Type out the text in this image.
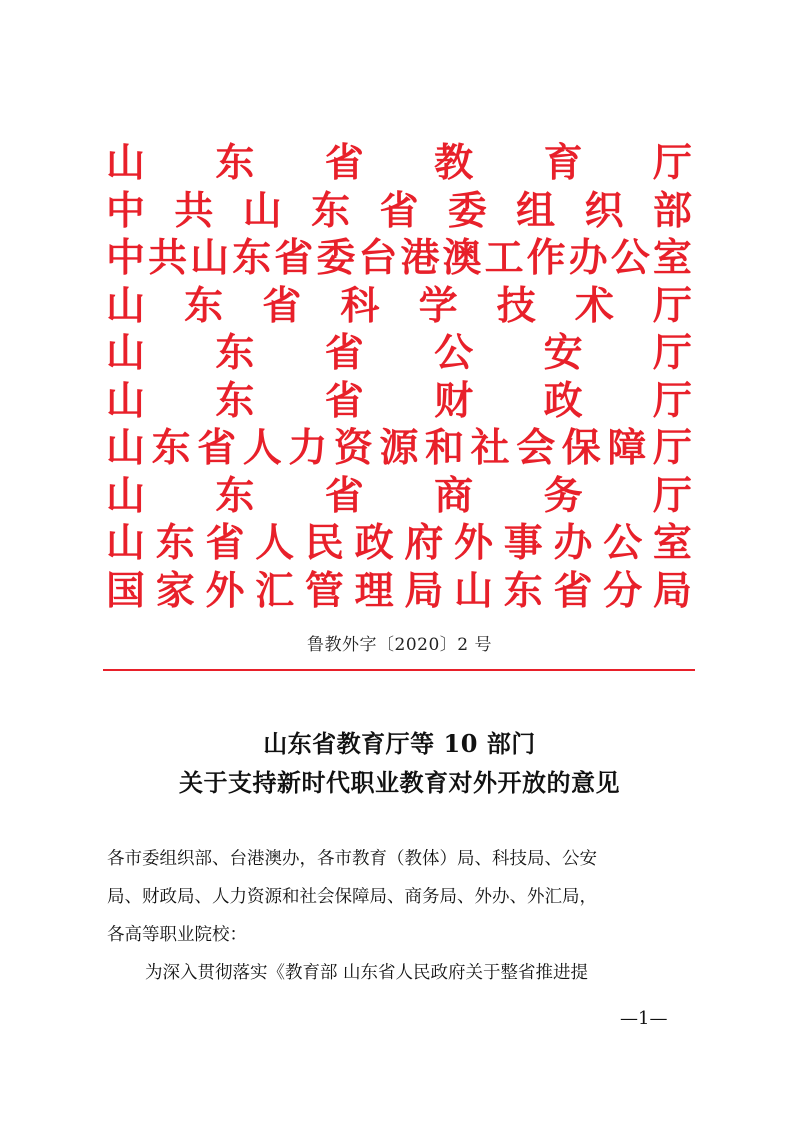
山 东 省 教 育 厅
中 共 山 东 省 委 组 织 部
中 共 山 东 省 委 台 港 澳 工 作 办 公 室
山 东 省 科 学 技 术 厅
山 东 省 公 安 厅
山 东 省 财 政 厅
山 东 省 人 力 资 源 和 社 会 保 障 厅
山 东 省 商 务 厅
山 东 省 人 民 政 府 外 事 办 公 室
国 家 外 汇 管 理 局 山 东 省 分 局
鲁教外字〔2020〕2 号
山东省教育厅等 10 部门
关于支持新时代职业教育对外开放的意见
各市委组织部、台港澳办，各市教育（教体）局、科技局、公安
局、财政局、人力资源和社会保障局、商务局、外办、外汇局，
各高等职业院校：
为深入贯彻落实《教育部 山东省人民政府关于整省推进提
—1—
